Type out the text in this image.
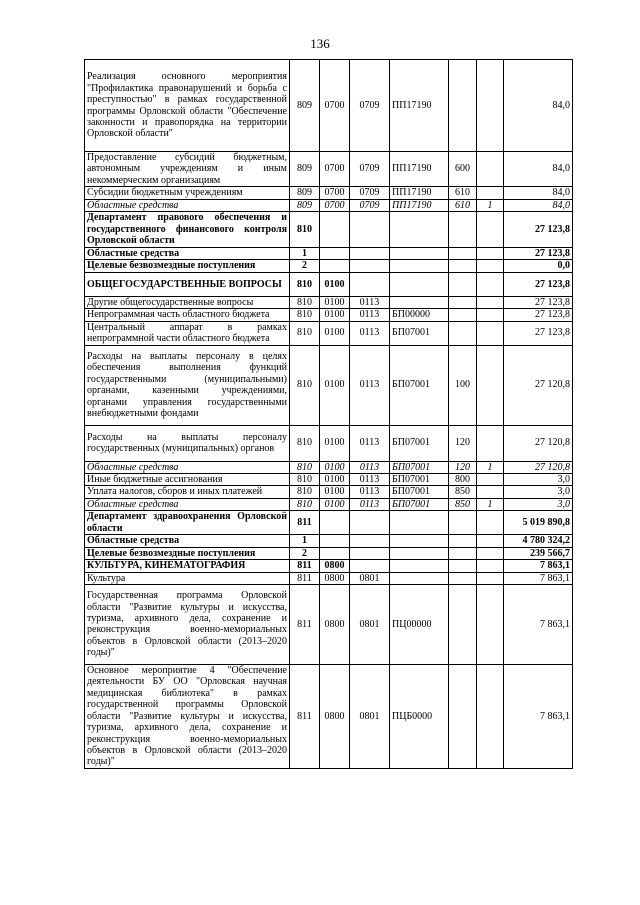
136
Реализация основного мероприятия "Профилактика правонарушений и борьба с преступностью" в рамках государственной программы Орловской области "Обеспечение законности и правопорядка на территории Орловской области"	809	0700	0709	ПП17190			84,0
Предоставление субсидий бюджетным, автономным учреждениям и иным некоммерческим организациям	809	0700	0709	ПП17190	600		84,0
Субсидии бюджетным учреждениям	809	0700	0709	ПП17190	610		84,0
Областные средства	809	0700	0709	ПП17190	610	1	84,0
Департамент правового обеспечения и государственного финансового контроля Орловской области	810						27 123,8
Областные средства	1						27 123,8
Целевые безвозмездные поступления	2						0,0
ОБЩЕГОСУДАРСТВЕННЫЕ ВОПРОСЫ	810	0100					27 123,8
Другие общегосударственные вопросы	810	0100	0113				27 123,8
Непрограммная часть областного бюджета	810	0100	0113	БП00000			27 123,8
Центральный аппарат в рамках непрограммной части областного бюджета	810	0100	0113	БП07001			27 123,8
Расходы на выплаты персоналу в целях обеспечения выполнения функций государственными (муниципальными) органами, казенными учреждениями, органами управления государственными внебюджетными фондами	810	0100	0113	БП07001	100		27 120,8
Расходы на выплаты персоналу государственных (муниципальных) органов	810	0100	0113	БП07001	120		27 120,8
Областные средства	810	0100	0113	БП07001	120	1	27 120,8
Иные бюджетные ассигнования	810	0100	0113	БП07001	800		3,0
Уплата налогов, сборов и иных платежей	810	0100	0113	БП07001	850		3,0
Областные средства	810	0100	0113	БП07001	850	1	3,0
Департамент здравоохранения Орловской области	811						5 019 890,8
Областные средства	1						4 780 324,2
Целевые безвозмездные поступления	2						239 566,7
КУЛЬТУРА, КИНЕМАТОГРАФИЯ	811	0800					7 863,1
Культура	811	0800	0801				7 863,1
Государственная программа Орловской области "Развитие культуры и искусства, туризма, архивного дела, сохранение и реконструкция военно-мемориальных объектов в Орловской области (2013–2020 годы)"	811	0800	0801	ПЦ00000			7 863,1
Основное мероприятие 4 "Обеспечение деятельности БУ ОО "Орловская научная медицинская библиотека" в рамках государственной программы Орловской области "Развитие культуры и искусства, туризма, архивного дела, сохранение и реконструкция военно-мемориальных объектов в Орловской области (2013–2020 годы)"	811	0800	0801	ПЦБ0000			7 863,1
